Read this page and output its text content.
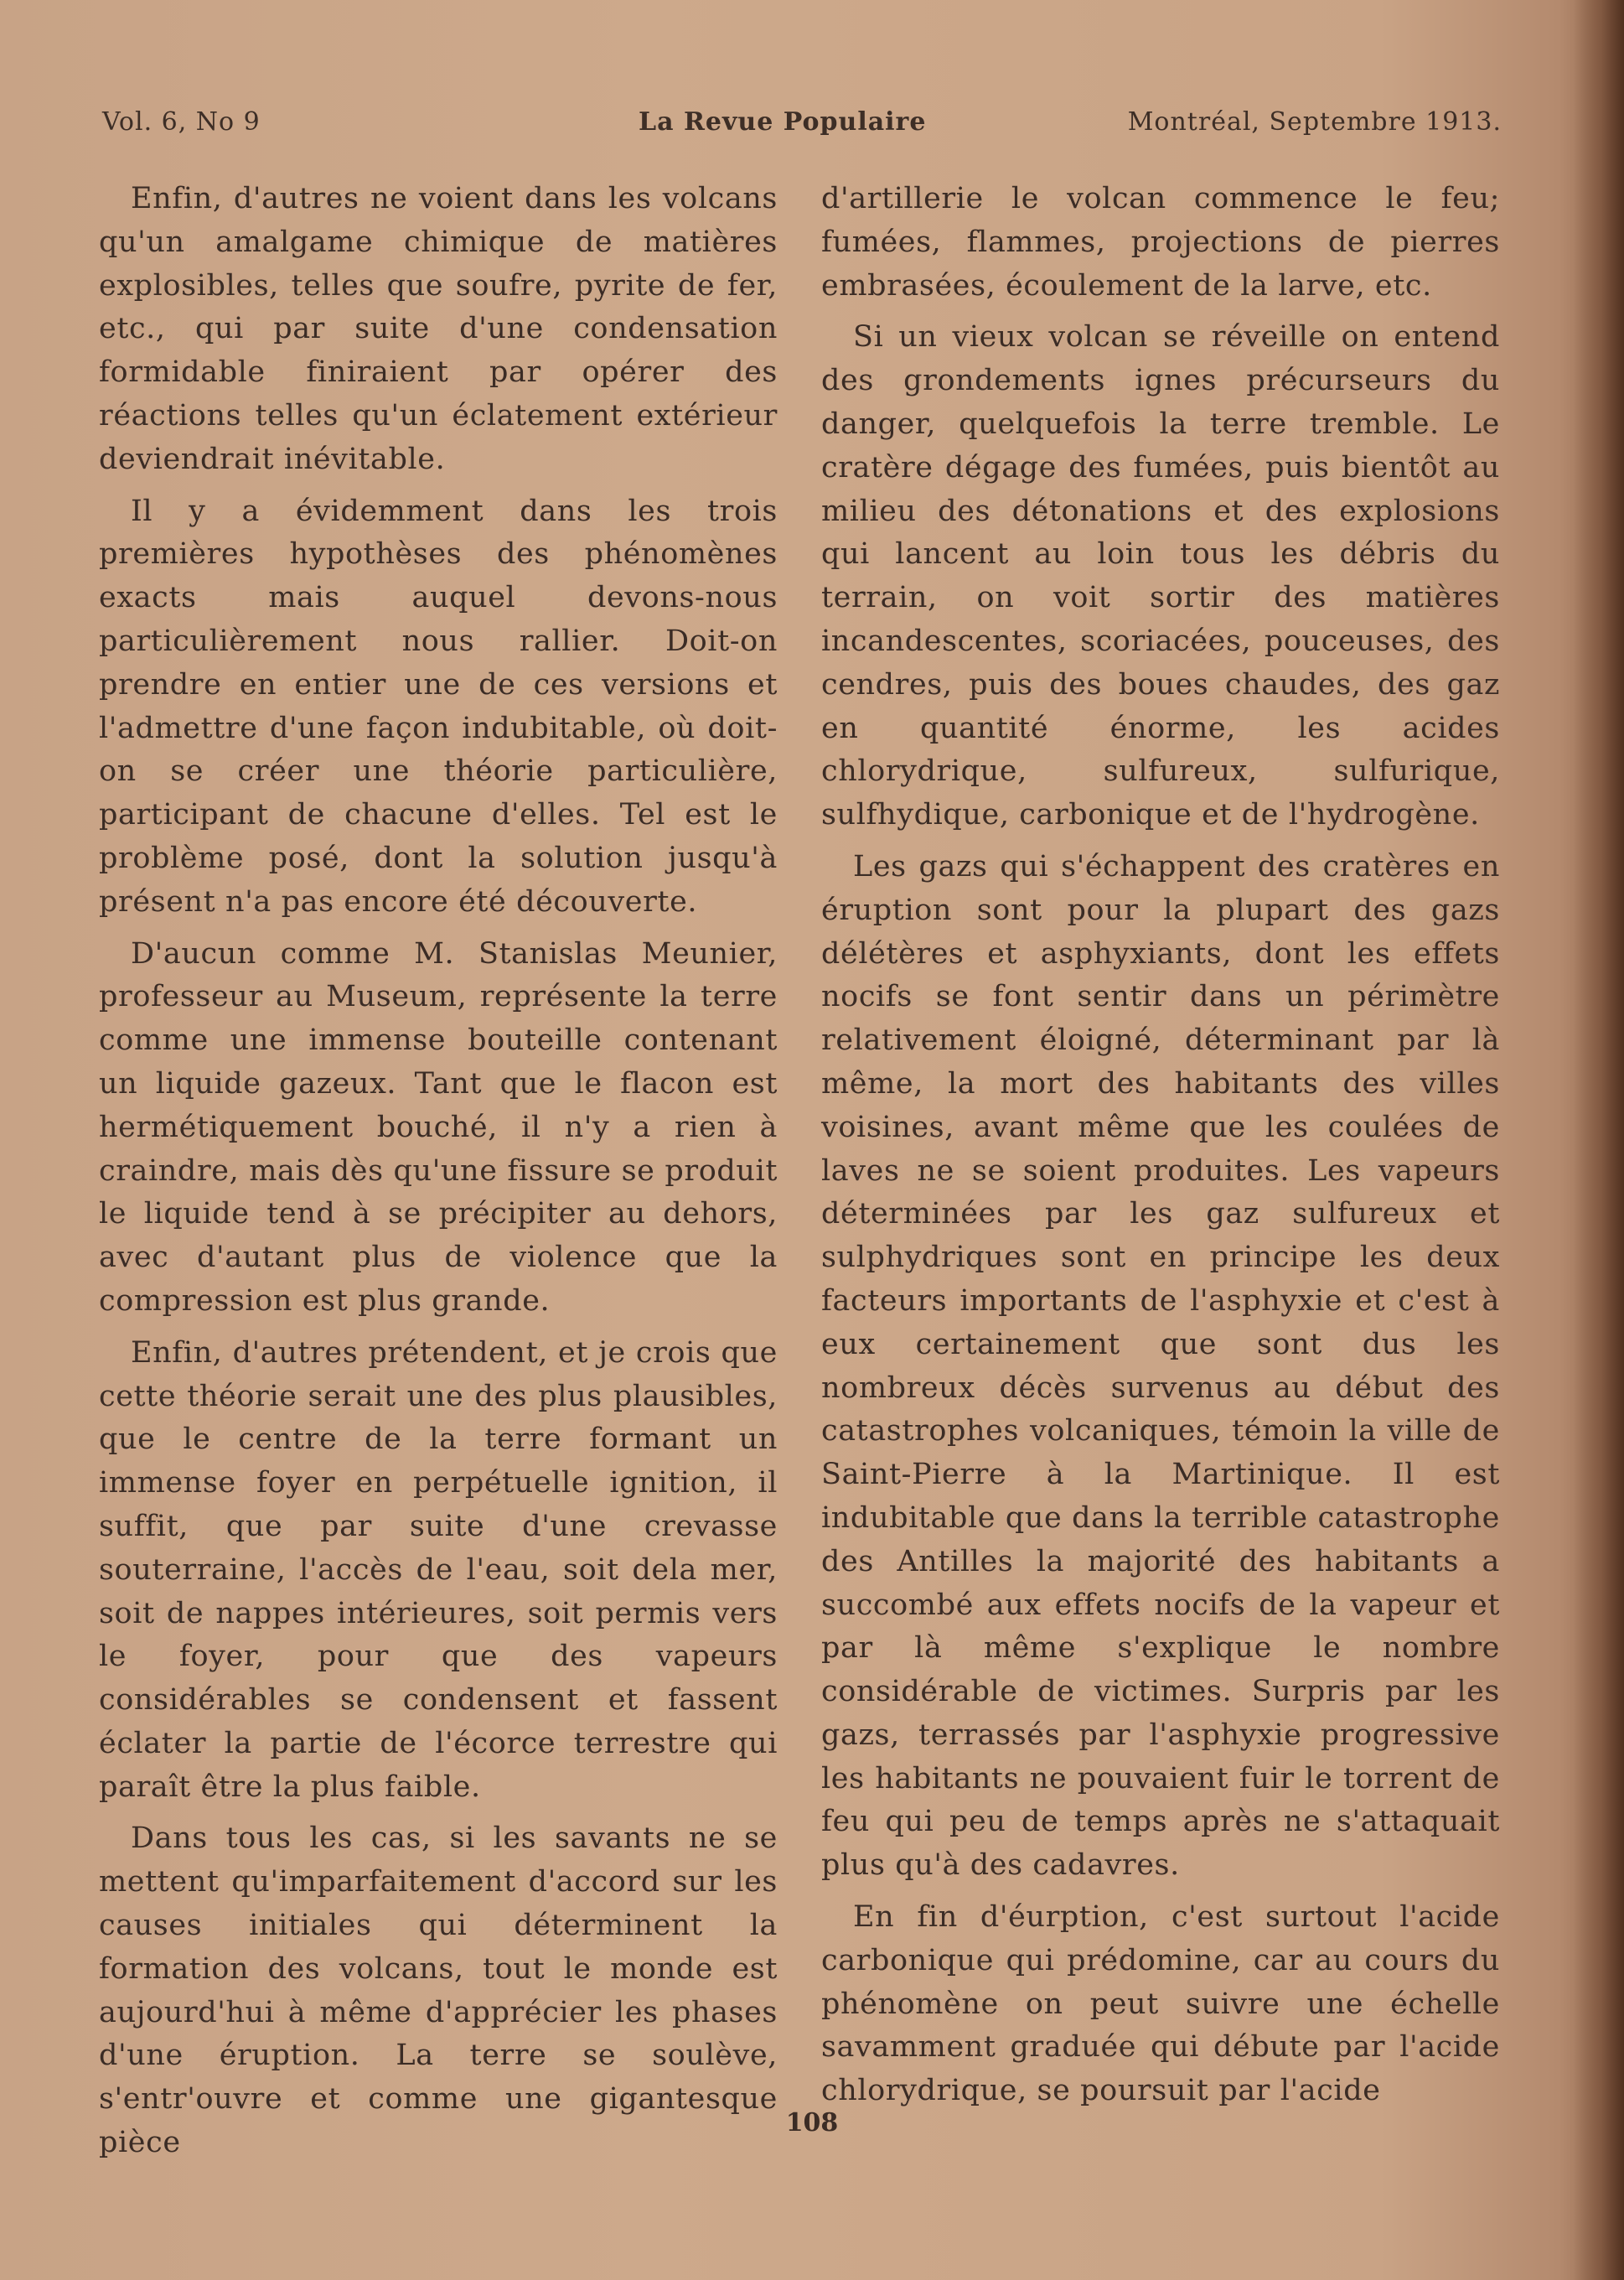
Vol. 6, No 9	La Revue Populaire	Montréal, Septembre 1913.

Enfin, d'autres ne voient dans les volcans qu'un amalgame chimique de matières explosibles, telles que soufre, pyrite de fer, etc., qui par suite d'une condensation formidable finiraient par opérer des réactions telles qu'un éclatement extérieur deviendrait inévitable.

Il y a évidemment dans les trois premières hypothèses des phénomènes exacts mais auquel devons-nous particulièrement nous rallier. Doit-on prendre en entier une de ces versions et l'admettre d'une façon indubitable, où doit-on se créer une théorie particulière, participant de chacune d'elles. Tel est le problème posé, dont la solution jusqu'à présent n'a pas encore été découverte.

D'aucun comme M. Stanislas Meunier, professeur au Museum, représente la terre comme une immense bouteille contenant un liquide gazeux. Tant que le flacon est hermétiquement bouché, il n'y a rien à craindre, mais dès qu'une fissure se produit le liquide tend à se précipiter au dehors, avec d'autant plus de violence que la compression est plus grande.

Enfin, d'autres prétendent, et je crois que cette théorie serait une des plus plausibles, que le centre de la terre formant un immense foyer en perpétuelle ignition, il suffit, que par suite d'une crevasse souterraine, l'accès de l'eau, soit dela mer, soit de nappes intérieures, soit permis vers le foyer, pour que des vapeurs considérables se condensent et fassent éclater la partie de l'écorce terrestre qui paraît être la plus faible.

Dans tous les cas, si les savants ne se mettent qu'imparfaitement d'accord sur les causes initiales qui déterminent la formation des volcans, tout le monde est aujourd'hui à même d'apprécier les phases d'une éruption. La terre se soulève, s'entr'ouvre et comme une gigantesque pièce

d'artillerie le volcan commence le feu; fumées, flammes, projections de pierres embrasées, écoulement de la larve, etc.

Si un vieux volcan se réveille on entend des grondements ignes précurseurs du danger, quelquefois la terre tremble. Le cratère dégage des fumées, puis bientôt au milieu des détonations et des explosions qui lancent au loin tous les débris du terrain, on voit sortir des matières incandescentes, scoriacées, pouceuses, des cendres, puis des boues chaudes, des gaz en quantité énorme, les acides chlorydrique, sulfureux, sulfurique, sulfhydique, carbonique et de l'hydrogène.

Les gazs qui s'échappent des cratères en éruption sont pour la plupart des gazs délétères et asphyxiants, dont les effets nocifs se font sentir dans un périmètre relativement éloigné, déterminant par là même, la mort des habitants des villes voisines, avant même que les coulées de laves ne se soient produites. Les vapeurs déterminées par les gaz sulfureux et sulphydriques sont en principe les deux facteurs importants de l'asphyxie et c'est à eux certainement que sont dus les nombreux décès survenus au début des catastrophes volcaniques, témoin la ville de Saint-Pierre à la Martinique. Il est indubitable que dans la terrible catastrophe des Antilles la majorité des habitants a succombé aux effets nocifs de la vapeur et par là même s'explique le nombre considérable de victimes. Surpris par les gazs, terrassés par l'asphyxie progressive les habitants ne pouvaient fuir le torrent de feu qui peu de temps après ne s'attaquait plus qu'à des cadavres.

En fin d'éurption, c'est surtout l'acide carbonique qui prédomine, car au cours du phénomène on peut suivre une échelle savamment graduée qui débute par l'acide chlorydrique, se poursuit par l'acide

108
